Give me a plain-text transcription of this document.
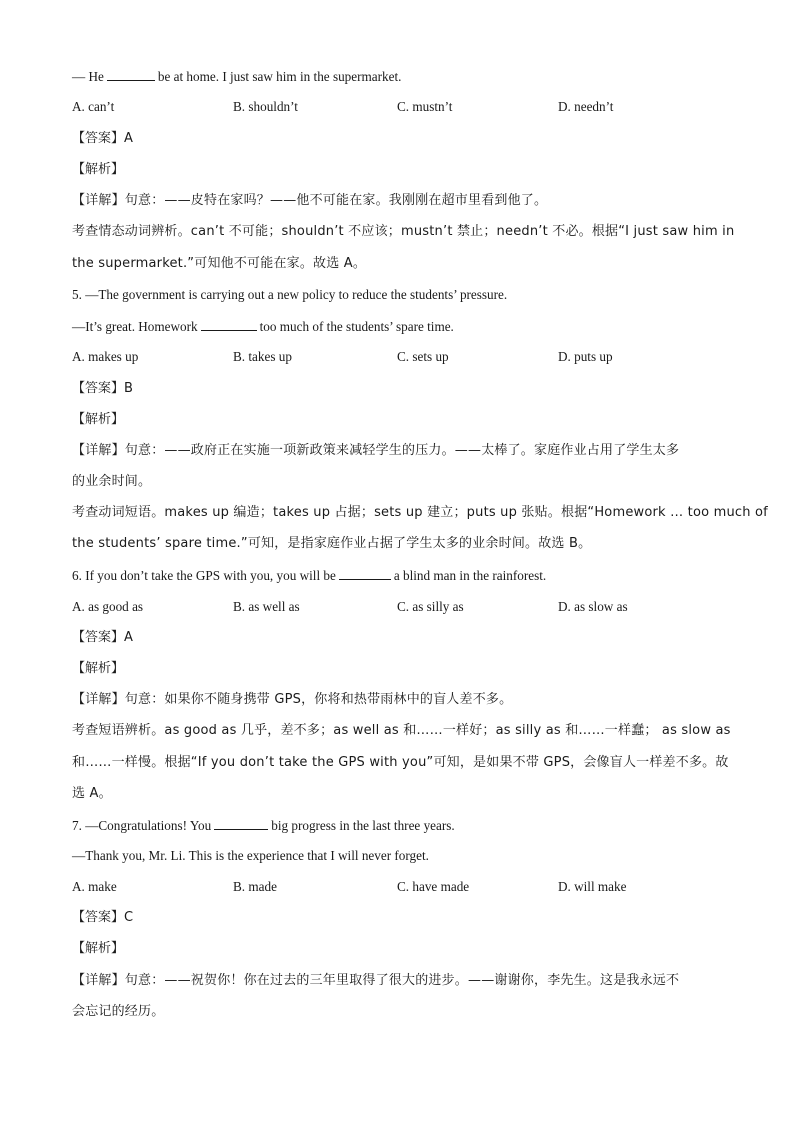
— He	be at home. I just saw him in the supermarket.
A. can’t	B. shouldn’t	C. mustn’t	D. needn’t
【答案】A
【解析】
【详解】句意：——皮特在家吗？——他不可能在家。我刚刚在超市里看到他了。
考查情态动词辨析。can’t 不可能；shouldn’t 不应该；mustn’t 禁止；needn’t 不必。根据“I just saw him in
the supermarket.”可知他不可能在家。故选 A。
5. —The government is carrying out a new policy to reduce the students’ pressure.
—It’s great. Homework	too much of the students’ spare time.
A. makes up	B. takes up	C. sets up	D. puts up
【答案】B
【解析】
【详解】句意：——政府正在实施一项新政策来减轻学生的压力。——太棒了。家庭作业占用了学生太多
的业余时间。
考查动词短语。makes up 编造；takes up 占据；sets up 建立；puts up 张贴。根据“Homework … too much of
the students’ spare time.”可知，是指家庭作业占据了学生太多的业余时间。故选 B。
6. If you don’t take the GPS with you, you will be	a blind man in the rainforest.
A. as good as	B. as well as	C. as silly as	D. as slow as
【答案】A
【解析】
【详解】句意：如果你不随身携带 GPS，你将和热带雨林中的盲人差不多。
考查短语辨析。as good as 几乎，差不多；as well as 和……一样好；as silly as 和……一样蠢； as slow as
和……一样慢。根据“If you don’t take the GPS with you”可知，是如果不带 GPS，会像盲人一样差不多。故
选 A。
7. —Congratulations! You	big progress in the last three years.
—Thank you, Mr. Li. This is the experience that I will never forget.
A. make	B. made	C. have made	D. will make
【答案】C
【解析】
【详解】句意：——祝贺你！你在过去的三年里取得了很大的进步。——谢谢你，李先生。这是我永远不
会忘记的经历。
